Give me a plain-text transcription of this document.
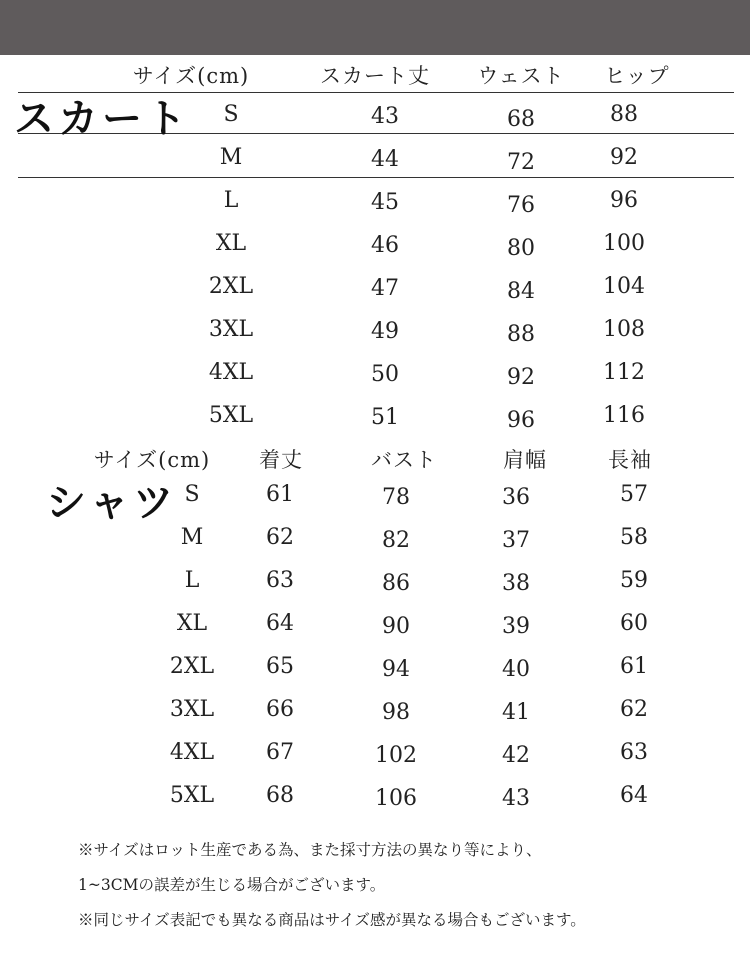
スカート
シャツ
サイズ(cm)	スカート丈 ウェスト ヒップ
S	43	68	88
M	44	72	92
L	45	76	96
XL	46	80	100
2XL	47	84	104
3XL	49	88	108
4XL	50	92	112
5XL	51	96	116
サイズ(cm) 着丈	バスト	肩幅	長袖
S	61	78	36	57
M	62	82	37	58
L	63	86	38	59
XL	64	90	39	60
2XL 65	94	40	61
3XL 66	98	41	62
4XL 67	102	42	63
5XL 68	106	43	64
※サイズはロット生産である為、また採寸方法の異なり等により、
1~3CMの誤差が生じる場合がございます。
※同じサイズ表記でも異なる商品はサイズ感が異なる場合もございます。
